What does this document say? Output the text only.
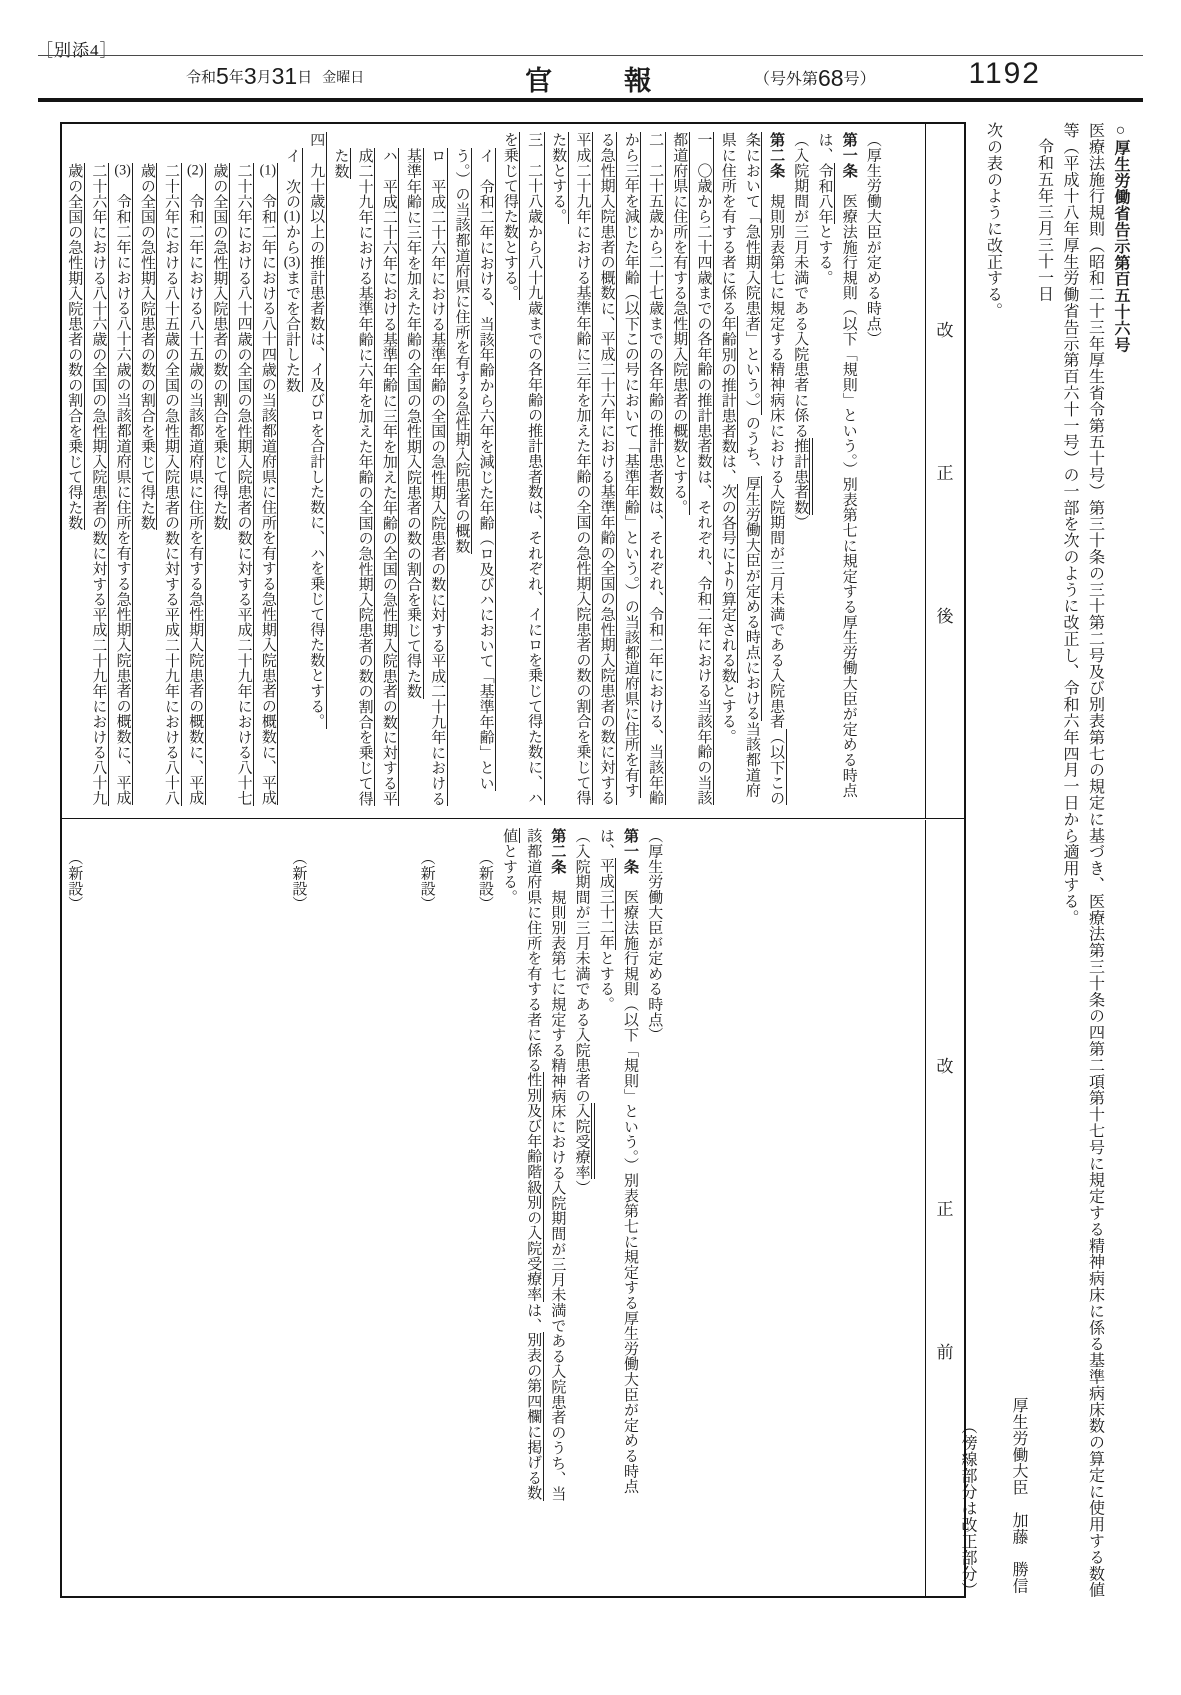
［別添4］
令和5年3月31日 金曜日	官報 （号外第68号）	1192

○厚生労働省告示第百五十六号

医療法施行規則（昭和二十三年厚生省令第五十号）第三十条の三十第二号及び別表第七の規定に基づき、医療法第三十条の四第二項第十七号に規定する精神病床に係る基準病床数の算定に使用する数値等（平成十八年厚生労働省告示第百六十一号）の一部を次のように改正し、令和六年四月一日から適用する。

令和五年三月三十一日

厚生労働大臣　加藤　勝信

次の表のように改正する。

（傍線部分は改正部分）

改
正
後
改
正
前

（厚生労働大臣が定める時点）

第一条　医療法施行規則（以下「規則」という。）別表第七に規定する厚生労働大臣が定める時点は、令和八年とする。

（入院期間が三月未満である入院患者に係る推計患者数）

第二条　規則別表第七に規定する精神病床における入院期間が三月未満である入院患者（以下この条において「急性期入院患者」という。）のうち、厚生労働大臣が定める時点における当該都道府県に住所を有する者に係る年齢別の推計患者数は、次の各号により算定される数とする。

一　〇歳から二十四歳までの各年齢の推計患者数は、それぞれ、令和二年における当該年齢の当該都道府県に住所を有する急性期入院患者の概数とする。

二　二十五歳から二十七歳までの各年齢の推計患者数は、それぞれ、令和二年における、当該年齢から三年を減じた年齢（以下この号において「基準年齢」という。）の当該都道府県に住所を有する急性期入院患者の概数に、平成二十六年における基準年齢の全国の急性期入院患者の数に対する平成二十九年における基準年齢に三年を加えた年齢の全国の急性期入院患者の数の割合を乗じて得た数とする。

三　二十八歳から八十九歳までの各年齢の推計患者数は、それぞれ、イにロを乗じて得た数に、ハを乗じて得た数とする。

イ　令和二年における、当該年齢から六年を減じた年齢（ロ及びハにおいて「基準年齢」という。）の当該都道府県に住所を有する急性期入院患者の概数

ロ　平成二十六年における基準年齢の全国の急性期入院患者の数に対する平成二十九年における基準年齢に三年を加えた年齢の全国の急性期入院患者の数の割合を乗じて得た数

ハ　平成二十六年における基準年齢に三年を加えた年齢の全国の急性期入院患者の数に対する平成二十九年における基準年齢に六年を加えた年齢の全国の急性期入院患者の数の割合を乗じて得た数

四　九十歳以上の推計患者数は、イ及びロを合計した数に、ハを乗じて得た数とする。

イ　次の(1)から(3)までを合計した数

(1)　令和二年における八十四歳の当該都道府県に住所を有する急性期入院患者の概数に、平成二十六年における八十四歳の全国の急性期入院患者の数に対する平成二十九年における八十七歳の全国の急性期入院患者の数の割合を乗じて得た数

(2)　令和二年における八十五歳の当該都道府県に住所を有する急性期入院患者の概数に、平成二十六年における八十五歳の全国の急性期入院患者の数に対する平成二十九年における八十八歳の全国の急性期入院患者の数の割合を乗じて得た数

(3)　令和二年における八十六歳の当該都道府県に住所を有する急性期入院患者の概数に、平成二十六年における八十六歳の全国の急性期入院患者の数に対する平成二十九年における八十九歳の全国の急性期入院患者の数の割合を乗じて得た数

（厚生労働大臣が定める時点）

第一条　医療法施行規則（以下「規則」という。）別表第七に規定する厚生労働大臣が定める時点は、平成三十二年とする。

（入院期間が三月未満である入院患者の入院受療率）

第二条　規則別表第七に規定する精神病床における入院期間が三月未満である入院患者のうち、当該都道府県に住所を有する者に係る性別及び年齢階級別の入院受療率は、別表の第四欄に掲げる数値とする。

（新設）

（新設）

（新設）

（新設）
